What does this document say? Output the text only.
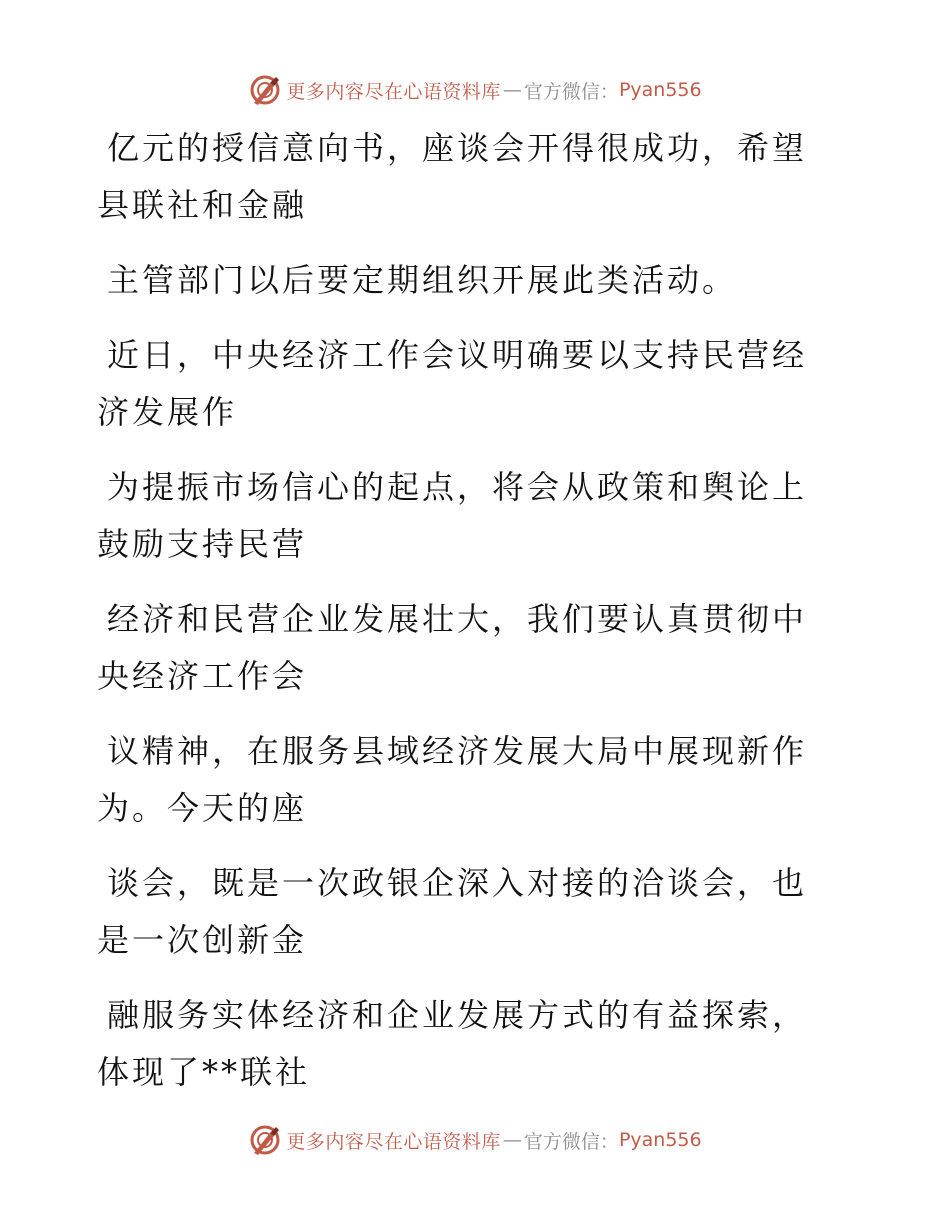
更多内容尽在心语资料库 — 官方微信： Pyan556

亿元的授信意向书，座谈会开得很成功，希望县联社和金融

主管部门以后要定期组织开展此类活动。

近日，中央经济工作会议明确要以支持民营经济发展作

为提振市场信心的起点，将会从政策和舆论上鼓励支持民营

经济和民营企业发展壮大，我们要认真贯彻中央经济工作会

议精神，在服务县域经济发展大局中展现新作为。今天的座

谈会，既是一次政银企深入对接的洽谈会，也是一次创新金

融服务实体经济和企业发展方式的有益探索，体现了**联社

更多内容尽在心语资料库 — 官方微信： Pyan556
